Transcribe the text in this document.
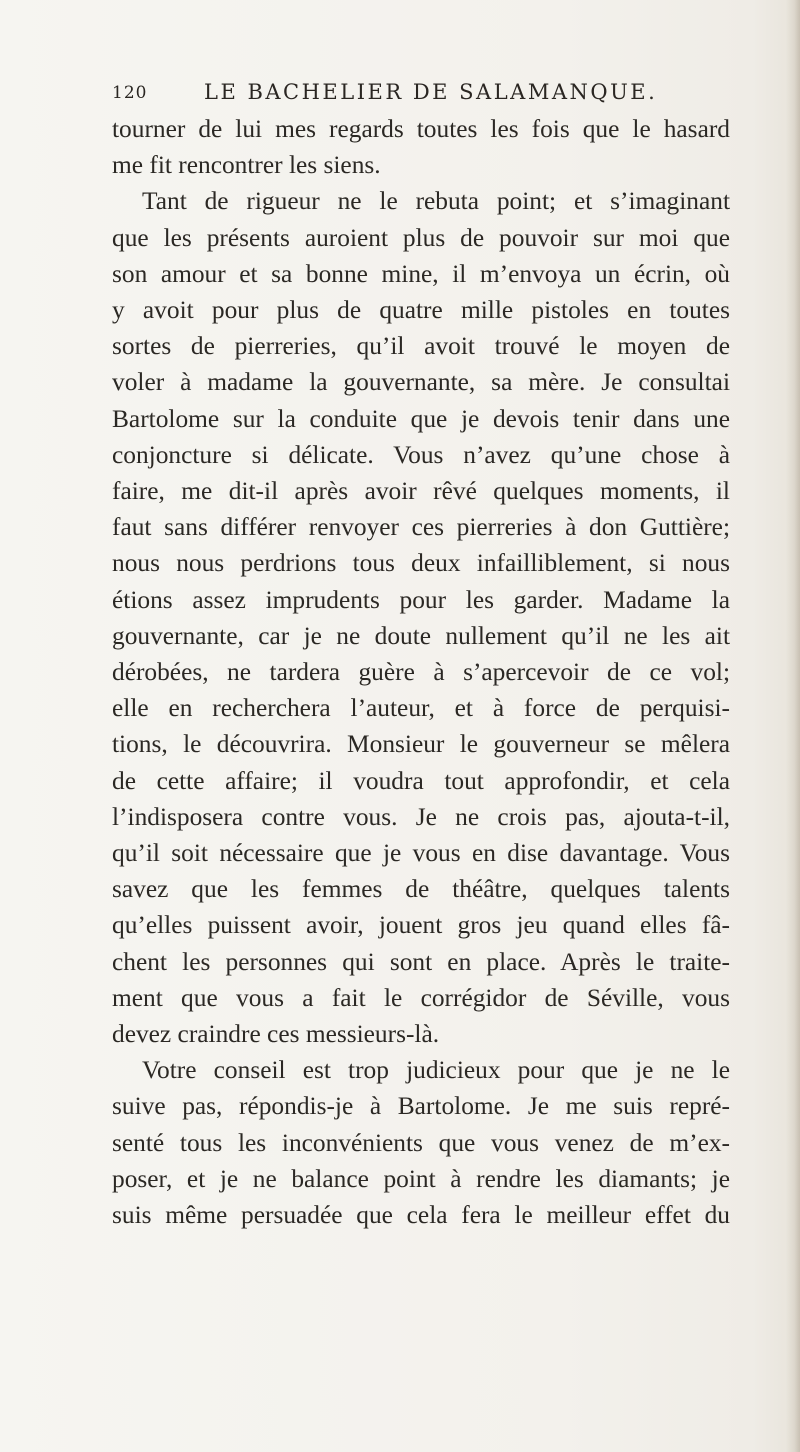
120	LE BACHELIER DE SALAMANQUE.
tourner de lui mes regards toutes les fois que le hasard
me fit rencontrer les siens.
Tant de rigueur ne le rebuta point; et s’imaginant
que les présents auroient plus de pouvoir sur moi que
son amour et sa bonne mine, il m’envoya un écrin, où
y avoit pour plus de quatre mille pistoles en toutes
sortes de pierreries, qu’il avoit trouvé le moyen de
voler à madame la gouvernante, sa mère. Je consultai
Bartolome sur la conduite que je devois tenir dans une
conjoncture si délicate. Vous n’avez qu’une chose à
faire, me dit-il après avoir rêvé quelques moments, il
faut sans différer renvoyer ces pierreries à don Guttière;
nous nous perdrions tous deux infailliblement, si nous
étions assez imprudents pour les garder. Madame la
gouvernante, car je ne doute nullement qu’il ne les ait
dérobées, ne tardera guère à s’apercevoir de ce vol;
elle en recherchera l’auteur, et à force de perquisi-
tions, le découvrira. Monsieur le gouverneur se mêlera
de cette affaire; il voudra tout approfondir, et cela
l’indisposera contre vous. Je ne crois pas, ajouta-t-il,
qu’il soit nécessaire que je vous en dise davantage. Vous
savez que les femmes de théâtre, quelques talents
qu’elles puissent avoir, jouent gros jeu quand elles fâ-
chent les personnes qui sont en place. Après le traite-
ment que vous a fait le corrégidor de Séville, vous
devez craindre ces messieurs-là.
Votre conseil est trop judicieux pour que je ne le
suive pas, répondis-je à Bartolome. Je me suis repré-
senté tous les inconvénients que vous venez de m’ex-
poser, et je ne balance point à rendre les diamants; je
suis même persuadée que cela fera le meilleur effet du
